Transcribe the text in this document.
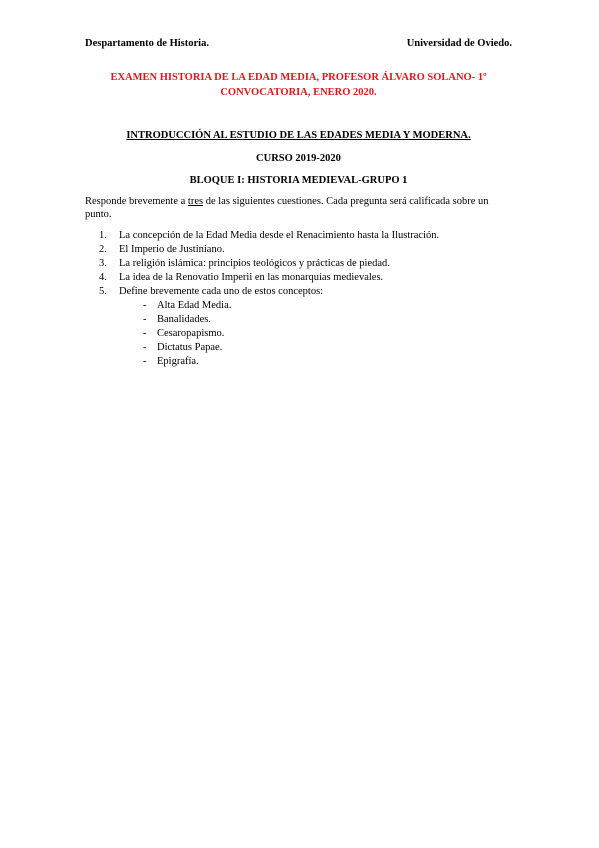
Despartamento de Historia.	Universidad de Oviedo.
EXAMEN HISTORIA DE LA EDAD MEDIA, PROFESOR ÁLVARO SOLANO- 1º
CONVOCATORIA, ENERO 2020.
INTRODUCCIÓN AL ESTUDIO DE LAS EDADES MEDIA Y MODERNA.
CURSO 2019-2020
BLOQUE I: HISTORIA MEDIEVAL-GRUPO 1
Responde brevemente a tres de las siguientes cuestiones. Cada pregunta será calificada sobre un punto.
1.	La concepción de la Edad Media desde el Renacimiento hasta la Ilustración.
2.	El Imperio de Justiniano.
3.	La religión islámica: principios teológicos y prácticas de piedad.
4.	La idea de la Renovatio Imperii en las monarquías medievales.
5.	Define brevemente cada uno de estos conceptos:
-	Alta Edad Media.
-	Banalidades.
-	Cesaropapismo.
-	Dictatus Papae.
-	Epigrafía.
